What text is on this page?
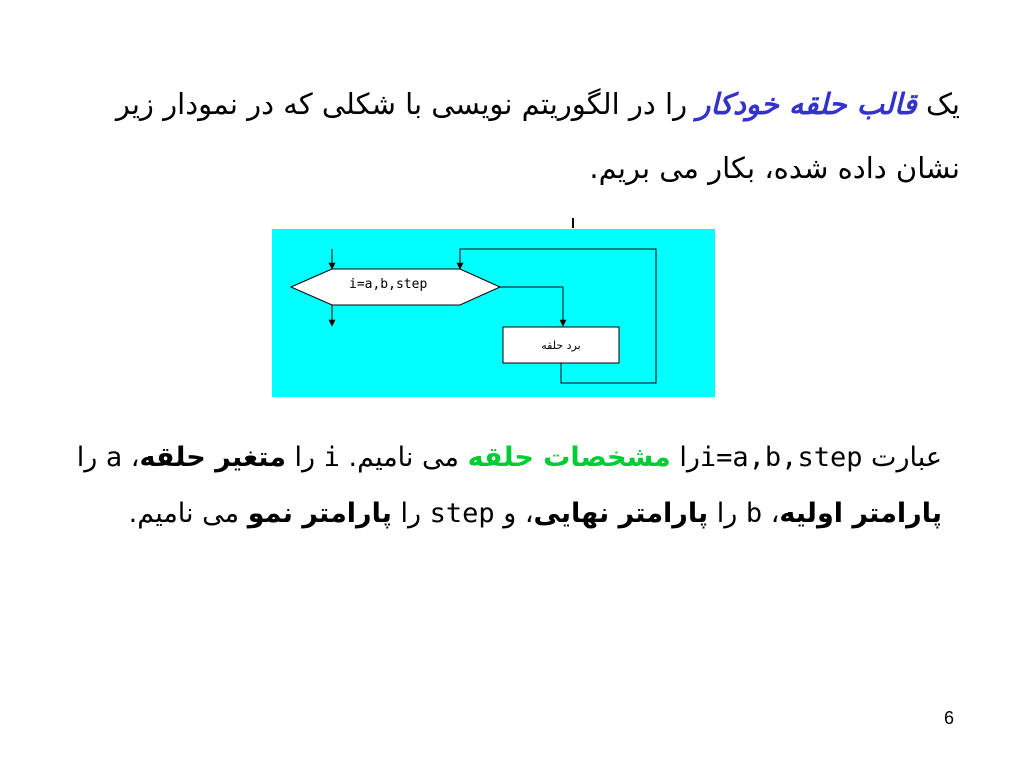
یک قالب حلقه خودکار را در الگوریتم نویسی با شکلی که در نمودار زیر نشان داده شده، بکار می بریم.
i=a,b,step
برد حلقه
عبارت i=a,b,stepرا مشخصات حلقه می نامیم. i را متغیر حلقه، a را پارامتر اولیه، b را پارامتر نهایی، و step را پارامتر نمو می نامیم.
6
